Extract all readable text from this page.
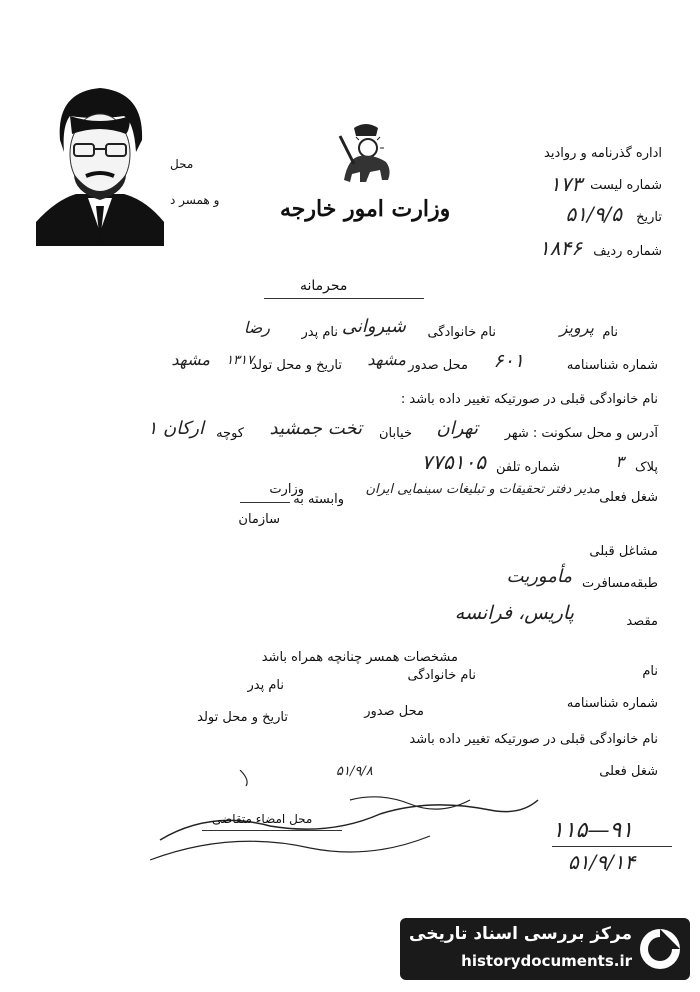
محل
و همسر د	وزارت امور خارجه
اداره گذرنامه و روادید
شماره لیست
۱۷۳
تاریخ
۵۱/۹/۵
شماره ردیف
۱۸۴۶
محرمانه
نام
پرویز
نام خانوادگی
شیروانی
نام پدر
رضا
شماره شناسنامه
۶۰۱
محل صدور
مشهد
تاریخ و محل تولد
۱۳۱۷
مشهد
نام خانوادگی قبلی در صورتیکه تغییر داده باشد :
آدرس و محل سکونت : شهر
تهران
خیابان
تخت جمشید
کوچه
ارکان ۱
پلاک
۳
شماره تلفن
۷۷۵۱۰۵
شغل فعلی
مدیر دفتر تحقیقات و تبلیغات سینمایی ایران
وابسته به
وزارت
سازمان
مشاغل قبلی
طبقه‌مسافرت
مأموریت
مقصد
پاریس، فرانسه
مشخصات همسر چنانچه همراه باشد
نام
نام خانوادگی
نام پدر
شماره شناسنامه
محل صدور
تاریخ و محل تولد
نام خانوادگی قبلی در صورتیکه تغییر داده باشد
شغل فعلی
۵۱/۹/۸
محل امضاء متقاضی	۱۱۵—۹۱
۵۱/۹/۱۴
مرکز بررسی اسناد تاریخی
historydocuments.ir
